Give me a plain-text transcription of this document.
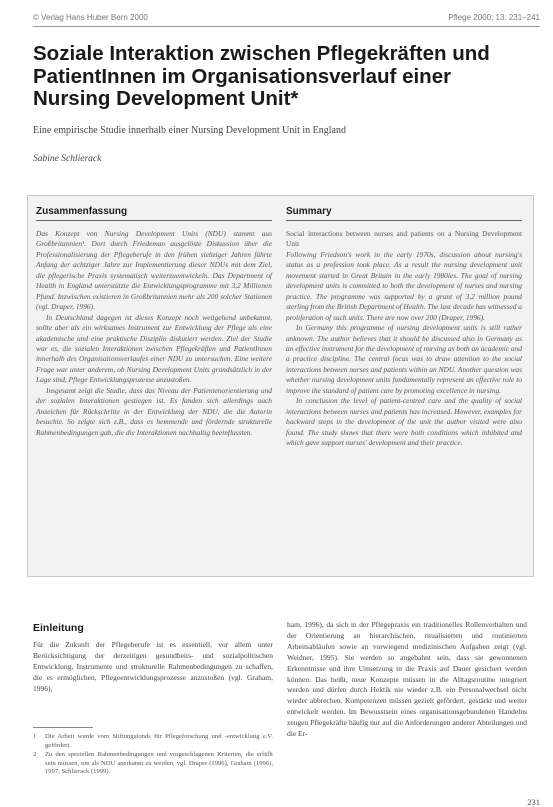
© Verlag Hans Huber Bern 2000	Pflege 2000; 13: 231–241
Soziale Interaktion zwischen Pflegekräften und PatientInnen im Organisationsverlauf einer Nursing Development Unit*
Eine empirische Studie innerhalb einer Nursing Development Unit in England
Sabine Schlierack
Zusammenfassung

Das Konzept von Nursing Development Units (NDU) stammt aus Großbritannien¹. Dort durch Friedeman ausgelöste Diskussion über die Professionalisierung der Pflegeberufe in den frühen siebziger Jahren führte Anfang der achtziger Jahre zur Implementierung dieser NDUs mit dem Ziel, die pflegerische Praxis systematisch weiterzuentwickeln. Das Department of Health in England unterstützte die Entwicklungsprogramme mit 3,2 Millionen Pfund. Inzwischen existieren in Großbritannien mehr als 200 solcher Stationen (vgl. Draper, 1996).

In Deutschland dagegen ist dieses Konzept noch weitgehend unbekannt, sollte aber als ein wirksames Instrument zur Entwicklung der Pflege als eine akademische und eine praktische Disziplin diskutiert werden. Ziel der Studie war es, die sozialen Interaktionen zwischen Pflegekräften und PatientInnen innerhalb des Organisationsverlaufes einer NDU zu untersuchen. Eine weitere Frage war unter anderem, ob Nursing Development Units grundsätzlich in der Lage sind, Pflege Entwicklungsprozesse anzustoßen.

Insgesamt zeigt die Studie, dass das Niveau der Patientenorientierung und der sozialen Interaktionen gestiegen ist. Es fanden sich allerdings auch Anzeichen für Rückschritte in der Entwicklung der NDU, die die Autorin besuchte. So zeigte sich z.B., dass es hemmende und fördernde strukturelle Rahmenbedingungen gab, die die Interaktionen nachhaltig beeinflussten.

Summary

Social interactions between nurses and patients on a Nursing Development Unit

Following Friedson's work in the early 1970s, discussion about nursing's status as a profession took place. As a result the nursing development unit movement started in Great Britain in the early 1980ies. The goal of nursing development units is committed to both the development of nurses and nursing practice. The programme was supported by a grant of 3,2 million pound sterling from the British Department of Health. The last decade has witnessed a proliferation of such units. There are now over 200 (Draper, 1996).

In Germany this programme of nursing development units is still rather unknown. The author believes that it should be discussed also in Germany as an effective instrument for the development of nursing as both an academic and a practice discipline. The central focus was to draw attention to the social interactions between nurses and patients within an NDU. Another question was whether nursing development units fundamentally represent an effective role to improve the standard of patient care by promoting excellence in nursing.

In conclusion the level of patient-centred care and the quality of social interactions between nurses and patients has increased. However, examples for backward steps in the development of the unit the author visited were also found. The study shows that there were both conditions which inhibited and which gave support nurses' development and their practice.

Einleitung

Für die Zukunft der Pflegeberufe ist es essentiell, vor allem unter Berücksichtigung der derzeitigen gesundheits- und sozialpolitischen Entwicklung, Instrumente und strukturelle Rahmenbedingungen zu schaffen, die es ermöglichen, Pflegeentwicklungsprozesse anzustoßen (vgl. Graham, 1996),

ham, 1996), da sich in der Pflegepraxis ein traditionelles Rollenverhalten und der Orientierung an hierarchischen, ritualisierten und routinierten Arbeitsabläufen sowie an vorwiegend medizinischen Aufgaben zeigt (vgl. Weidner, 1995). Sie werden so angebahnt sein, dass sie gewonnenen Erkenntnisse und ihre Umsetzung in die Praxis auf Dauer gesichert werden können. Das heißt, neue Konzepte müssen in die Alltagsroutine integriert werden und dürfen durch Hektik nie wieder z.B. ein Personalwechsel nicht wieder abbrechen. Kompetenzen müssen gezielt gefördert, gestärkt und weiter entwickelt werden. Im Bewusstsein eines organisationsgebundenen Handelns zeugen Pflegekräfte häufig nur auf die Anforderungen anderer Abteilungen und die Er-

1	Die Arbeit wurde vom Stiftungsfonds für Pflegeforschung und -entwicklung e.V. gefördert.
2	Zu den speziellen Rahmenbedingungen und vorgeschlagenen Kriterien, die erfüllt sein müssen, um als NDU anerkannt zu werden, vgl. Draper (1996), Graham (1996), 1997, Schlierack (1999).
231
